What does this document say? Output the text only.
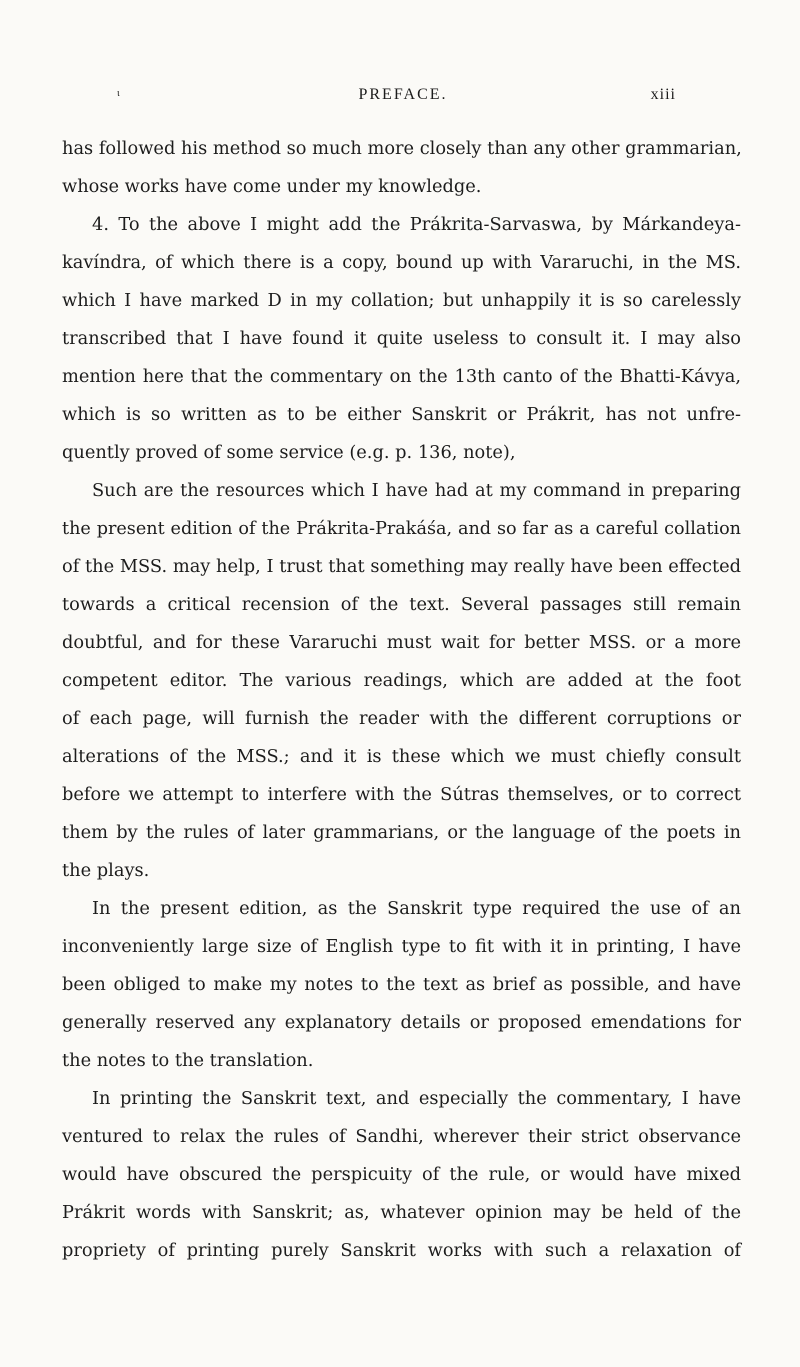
ι	PREFACE.	xiii
has followed his method so much more closely than any other grammarian,
whose works have come under my knowledge.
4. To the above I might add the Prákrita-Sarvaswa, by Márkandeya-
kavíndra, of which there is a copy, bound up with Vararuchi, in the MS.
which I have marked D in my collation; but unhappily it is so carelessly
transcribed that I have found it quite useless to consult it. I may also
mention here that the commentary on the 13th canto of the Bhatti-Kávya,
which is so written as to be either Sanskrit or Prákrit, has not unfre-
quently proved of some service (e.g. p. 136, note),
Such are the resources which I have had at my command in preparing
the present edition of the Prákrita-Prakáśa, and so far as a careful collation
of the MSS. may help, I trust that something may really have been effected
towards a critical recension of the text. Several passages still remain
doubtful, and for these Vararuchi must wait for better MSS. or a more
competent editor. The various readings, which are added at the foot
of each page, will furnish the reader with the different corruptions or
alterations of the MSS.; and it is these which we must chiefly consult
before we attempt to interfere with the Sútras themselves, or to correct
them by the rules of later grammarians, or the language of the poets in
the plays.
In the present edition, as the Sanskrit type required the use of an
inconveniently large size of English type to fit with it in printing, I have
been obliged to make my notes to the text as brief as possible, and have
generally reserved any explanatory details or proposed emendations for
the notes to the translation.
In printing the Sanskrit text, and especially the commentary, I have
ventured to relax the rules of Sandhi, wherever their strict observance
would have obscured the perspicuity of the rule, or would have mixed
Prákrit words with Sanskrit; as, whatever opinion may be held of the
propriety of printing purely Sanskrit works with such a relaxation of
